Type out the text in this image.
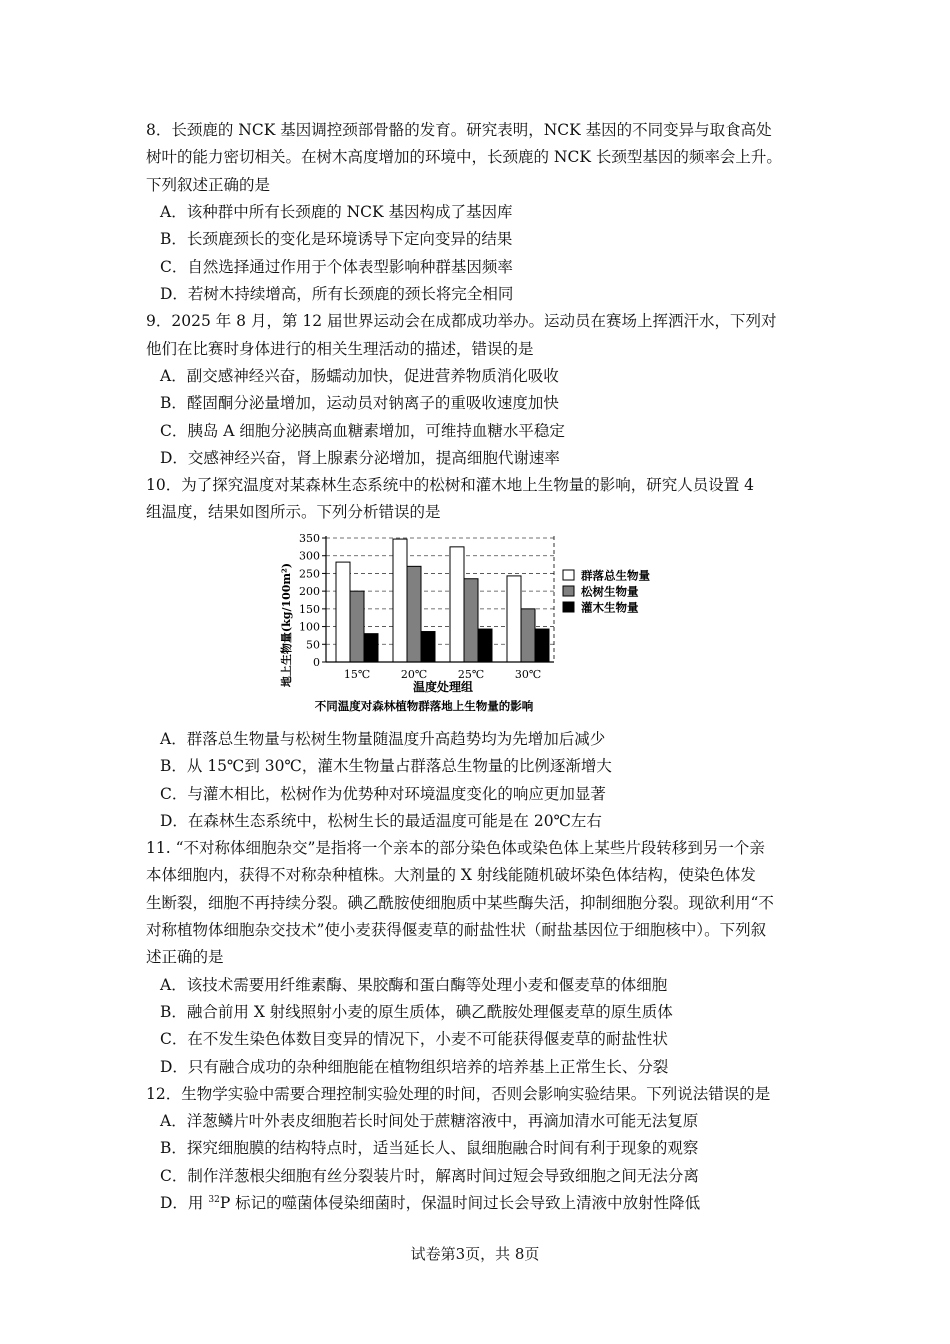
8．长颈鹿的 NCK 基因调控颈部骨骼的发育。研究表明，NCK 基因的不同变异与取食高处
树叶的能力密切相关。在树木高度增加的环境中，长颈鹿的 NCK 长颈型基因的频率会上升。
下列叙述正确的是
A．该种群中所有长颈鹿的 NCK 基因构成了基因库
B．长颈鹿颈长的变化是环境诱导下定向变异的结果
C．自然选择通过作用于个体表型影响种群基因频率
D．若树木持续增高，所有长颈鹿的颈长将完全相同
9．2025 年 8 月，第 12 届世界运动会在成都成功举办。运动员在赛场上挥洒汗水，下列对
他们在比赛时身体进行的相关生理活动的描述，错误的是
A．副交感神经兴奋，肠蠕动加快，促进营养物质消化吸收
B．醛固酮分泌量增加，运动员对钠离子的重吸收速度加快
C．胰岛 A 细胞分泌胰高血糖素增加，可维持血糖水平稳定
D．交感神经兴奋，肾上腺素分泌增加，提高细胞代谢速率
10．为了探究温度对某森林生态系统中的松树和灌木地上生物量的影响，研究人员设置 4
组温度，结果如图所示。下列分析错误的是
0
50
100
150
200
250
300
350
15℃	20℃	25℃	30℃
群落总生物量
松树生物量
灌木生物量
地上生物量(kg/100m²)	温度处理组
不同温度对森林植物群落地上生物量的影响
A．群落总生物量与松树生物量随温度升高趋势均为先增加后减少
B．从 15℃到 30℃，灌木生物量占群落总生物量的比例逐渐增大
C．与灌木相比，松树作为优势种对环境温度变化的响应更加显著
D．在森林生态系统中，松树生长的最适温度可能是在 20℃左右
11. “不对称体细胞杂交”是指将一个亲本的部分染色体或染色体上某些片段转移到另一个亲
本体细胞内，获得不对称杂种植株。大剂量的 X 射线能随机破坏染色体结构，使染色体发
生断裂，细胞不再持续分裂。碘乙酰胺使细胞质中某些酶失活，抑制细胞分裂。现欲利用“不
对称植物体细胞杂交技术”使小麦获得偃麦草的耐盐性状（耐盐基因位于细胞核中）。下列叙
述正确的是
A．该技术需要用纤维素酶、果胶酶和蛋白酶等处理小麦和偃麦草的体细胞
B．融合前用 X 射线照射小麦的原生质体，碘乙酰胺处理偃麦草的原生质体
C．在不发生染色体数目变异的情况下，小麦不可能获得偃麦草的耐盐性状
D．只有融合成功的杂种细胞能在植物组织培养的培养基上正常生长、分裂
12．生物学实验中需要合理控制实验处理的时间，否则会影响实验结果。下列说法错误的是
A．洋葱鳞片叶外表皮细胞若长时间处于蔗糖溶液中，再滴加清水可能无法复原
B．探究细胞膜的结构特点时，适当延长人、鼠细胞融合时间有利于现象的观察
C．制作洋葱根尖细胞有丝分裂装片时，解离时间过短会导致细胞之间无法分离
D．用 $^{32}$P 标记的噬菌体侵染细菌时，保温时间过长会导致上清液中放射性降低
试卷第3页，共 8页
